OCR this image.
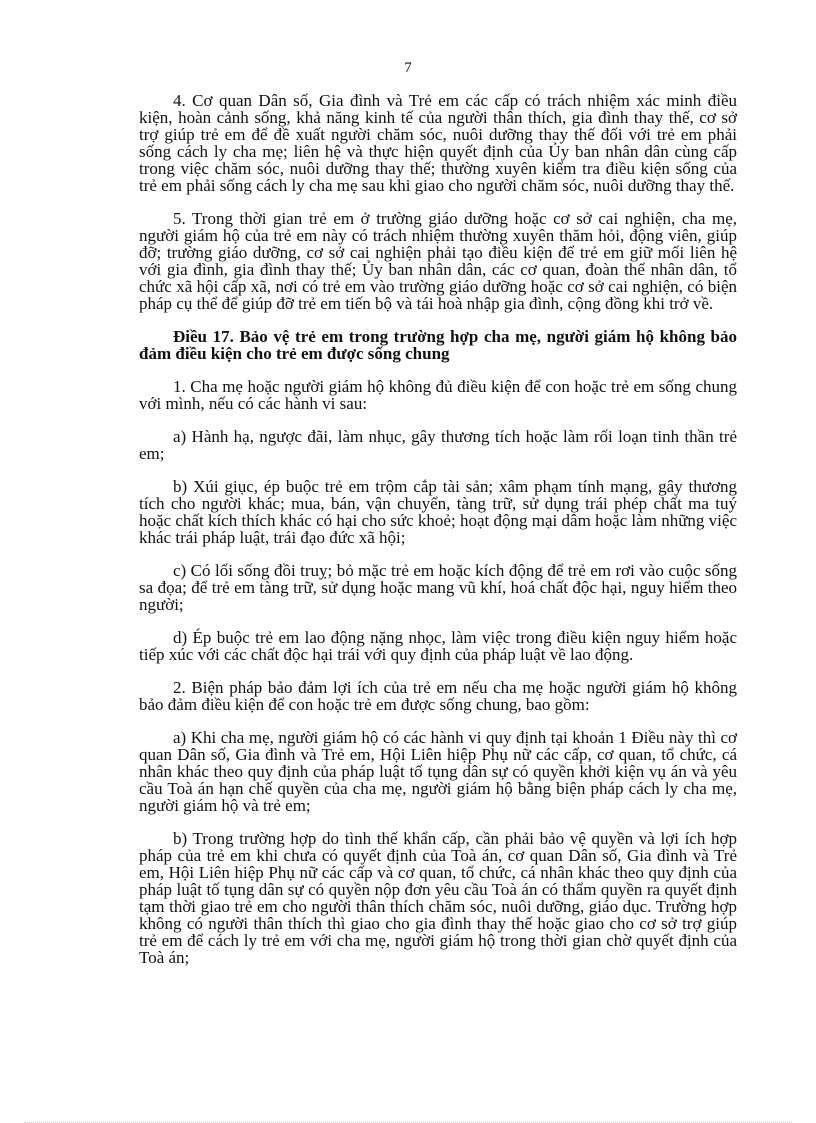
7

4. Cơ quan Dân số, Gia đình và Trẻ em các cấp có trách nhiệm xác minh điều kiện, hoàn cảnh sống, khả năng kinh tế của người thân thích, gia đình thay thế, cơ sở trợ giúp trẻ em để đề xuất người chăm sóc, nuôi dưỡng thay thế đối với trẻ em phải sống cách ly cha mẹ; liên hệ và thực hiện quyết định của Ủy ban nhân dân cùng cấp trong việc chăm sóc, nuôi dưỡng thay thế; thường xuyên kiểm tra điều kiện sống của trẻ em phải sống cách ly cha mẹ sau khi giao cho người chăm sóc, nuôi dưỡng thay thế.

5. Trong thời gian trẻ em ở trường giáo dưỡng hoặc cơ sở cai nghiện, cha mẹ, người giám hộ của trẻ em này có trách nhiệm thường xuyên thăm hỏi, động viên, giúp đỡ; trường giáo dưỡng, cơ sở cai nghiện phải tạo điều kiện để trẻ em giữ mối liên hệ với gia đình, gia đình thay thế; Ủy ban nhân dân, các cơ quan, đoàn thể nhân dân, tổ chức xã hội cấp xã, nơi có trẻ em vào trường giáo dưỡng hoặc cơ sở cai nghiện, có biện pháp cụ thể để giúp đỡ trẻ em tiến bộ và tái hoà nhập gia đình, cộng đồng khi trở về.

Điều 17. Bảo vệ trẻ em trong trường hợp cha mẹ, người giám hộ không bảo đảm điều kiện cho trẻ em được sống chung

1. Cha mẹ hoặc người giám hộ không đủ điều kiện để con hoặc trẻ em sống chung với mình, nếu có các hành vi sau:

a) Hành hạ, ngược đãi, làm nhục, gây thương tích hoặc làm rối loạn tinh thần trẻ em;

b) Xúi giục, ép buộc trẻ em trộm cắp tài sản; xâm phạm tính mạng, gây thương tích cho người khác; mua, bán, vận chuyển, tàng trữ, sử dụng trái phép chất ma tuý hoặc chất kích thích khác có hại cho sức khoẻ; hoạt động mại dâm hoặc làm những việc khác trái pháp luật, trái đạo đức xã hội;

c) Có lối sống đồi truỵ; bỏ mặc trẻ em hoặc kích động để trẻ em rơi vào cuộc sống sa đọa; để trẻ em tàng trữ, sử dụng hoặc mang vũ khí, hoá chất độc hại, nguy hiểm theo người;

d) Ép buộc trẻ em lao động nặng nhọc, làm việc trong điều kiện nguy hiểm hoặc tiếp xúc với các chất độc hại trái với quy định của pháp luật về lao động.

2. Biện pháp bảo đảm lợi ích của trẻ em nếu cha mẹ hoặc người giám hộ không bảo đảm điều kiện để con hoặc trẻ em được sống chung, bao gồm:

a) Khi cha mẹ, người giám hộ có các hành vi quy định tại khoản 1 Điều này thì cơ quan Dân số, Gia đình và Trẻ em, Hội Liên hiệp Phụ nữ các cấp, cơ quan, tổ chức, cá nhân khác theo quy định của pháp luật tố tụng dân sự có quyền khởi kiện vụ án và yêu cầu Toà án hạn chế quyền của cha mẹ, người giám hộ bằng biện pháp cách ly cha mẹ, người giám hộ và trẻ em;

b) Trong trường hợp do tình thế khẩn cấp, cần phải bảo vệ quyền và lợi ích hợp pháp của trẻ em khi chưa có quyết định của Toà án, cơ quan Dân số, Gia đình và Trẻ em, Hội Liên hiệp Phụ nữ các cấp và cơ quan, tổ chức, cá nhân khác theo quy định của pháp luật tố tụng dân sự có quyền nộp đơn yêu cầu Toà án có thẩm quyền ra quyết định tạm thời giao trẻ em cho người thân thích chăm sóc, nuôi dưỡng, giáo dục. Trường hợp không có người thân thích thì giao cho gia đình thay thế hoặc giao cho cơ sở trợ giúp trẻ em để cách ly trẻ em với cha mẹ, người giám hộ trong thời gian chờ quyết định của Toà án;
